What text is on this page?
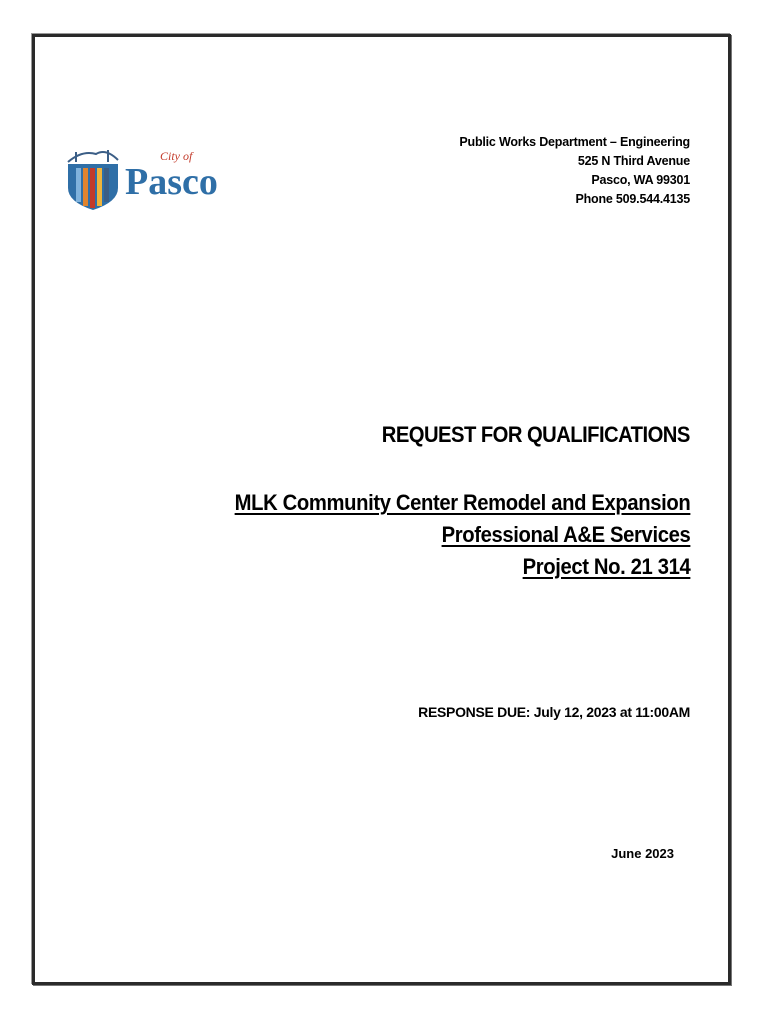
City of
Pasco
Public Works Department – Engineering
525 N Third Avenue
Pasco, WA 99301
Phone 509.544.4135
REQUEST FOR QUALIFICATIONS
MLK Community Center Remodel and Expansion
Professional A&E Services
Project No. 21 314
RESPONSE DUE: July 12, 2023 at 11:00AM
June 2023
